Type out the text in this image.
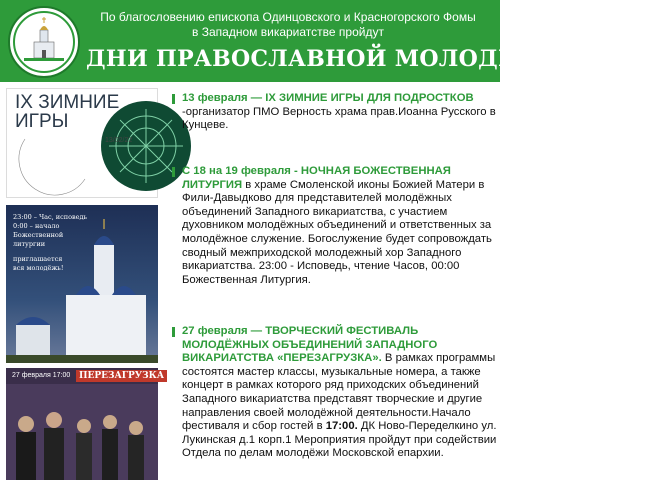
По благословению епископа Одинцовского и Красногорского Фомы
в Западном викариатстве пройдут
ДНИ ПРАВОСЛАВНОЙ МОЛОДЕЖИ - 2022
IX ЗИМНИЕ
ИГРЫ
13/02/22
23:00 – Час, исповедь
0:00 – начало
Божественной литургии
приглашается
вся молодёжь!
27 февраля 17:00 ПЕРЕЗАГРУЗКА

13 февраля — IX ЗИМНИЕ ИГРЫ ДЛЯ ПОДРОСТКОВ -организатор ПМО Верность храма прав.Иоанна Русского в Кунцеве.

С 18 на 19 февраля - НОЧНАЯ БОЖЕСТВЕННАЯ ЛИТУРГИЯ в храме Смоленской иконы Божией Матери в Фили-Давыдково для представителей молодёжных объединений Западного викариатства, с участием духовником молодёжных объединений и ответственных за молодёжное служение. Богослужение будет сопровождать сводный межприходской молодежный хор Западного викариатства. 23:00 - Исповедь, чтение Часов, 00:00 Божественная Литургия.

27 февраля — ТВОРЧЕСКИЙ ФЕСТИВАЛЬ МОЛОДЁЖНЫХ ОБЪЕДИНЕНИЙ ЗАПАДНОГО ВИКАРИАТСТВА «ПЕРЕЗАГРУЗКА». В рамках программы состоятся мастер классы, музыкальные номера, а также концерт в рамках которого ряд приходских объединений Западного викариатства представят творческие и другие направления своей молодёжной деятельности.Начало фестиваля и сбор гостей в 17:00. ДК Ново-Переделкино ул. Лукинская д.1 корп.1 Мероприятия пройдут при содействии Отдела по делам молодёжи Московской епархии.
